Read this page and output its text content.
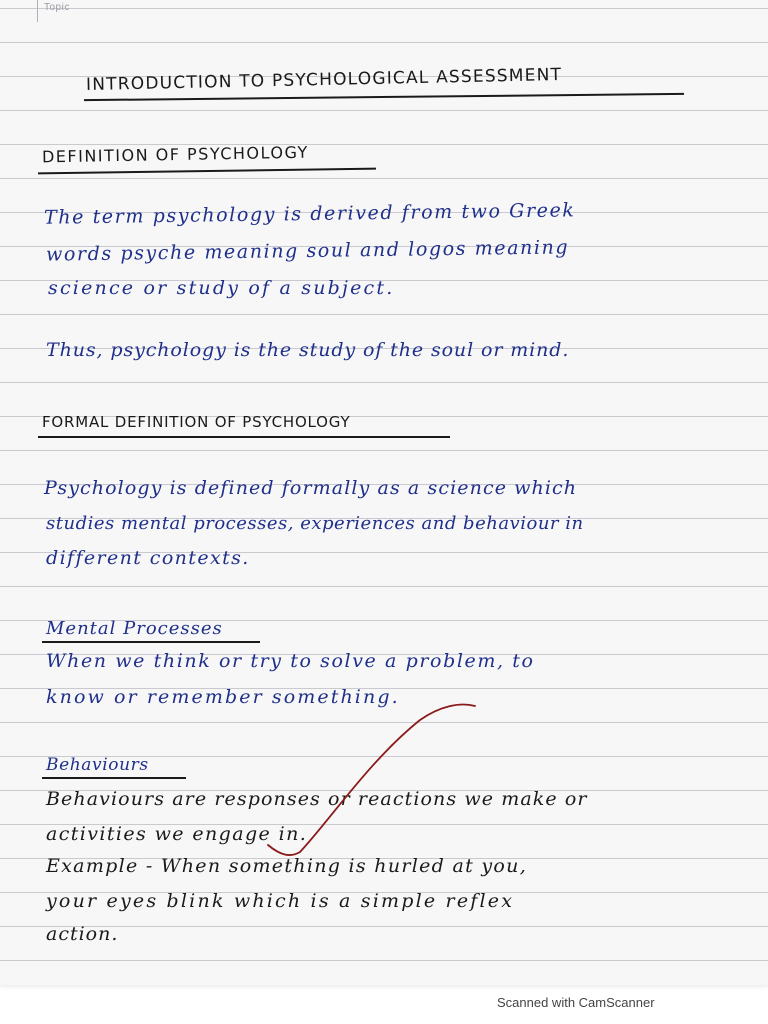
Topic
INTRODUCTION TO PSYCHOLOGICAL ASSESSMENT
DEFINITION OF PSYCHOLOGY
The term psychology is derived from two Greek
words psyche meaning soul and logos meaning
science or study of a subject.
Thus, psychology is the study of the soul or mind.
FORMAL DEFINITION OF PSYCHOLOGY
Psychology is defined formally as a science which
studies mental processes, experiences and behaviour in
different contexts.
Mental Processes
When we think or try to solve a problem, to
know or remember something.
Behaviours
Behaviours are responses or reactions we make or
activities we engage in.
Example - When something is hurled at you,
your eyes blink which is a simple reflex
action.
Scanned with CamScanner
